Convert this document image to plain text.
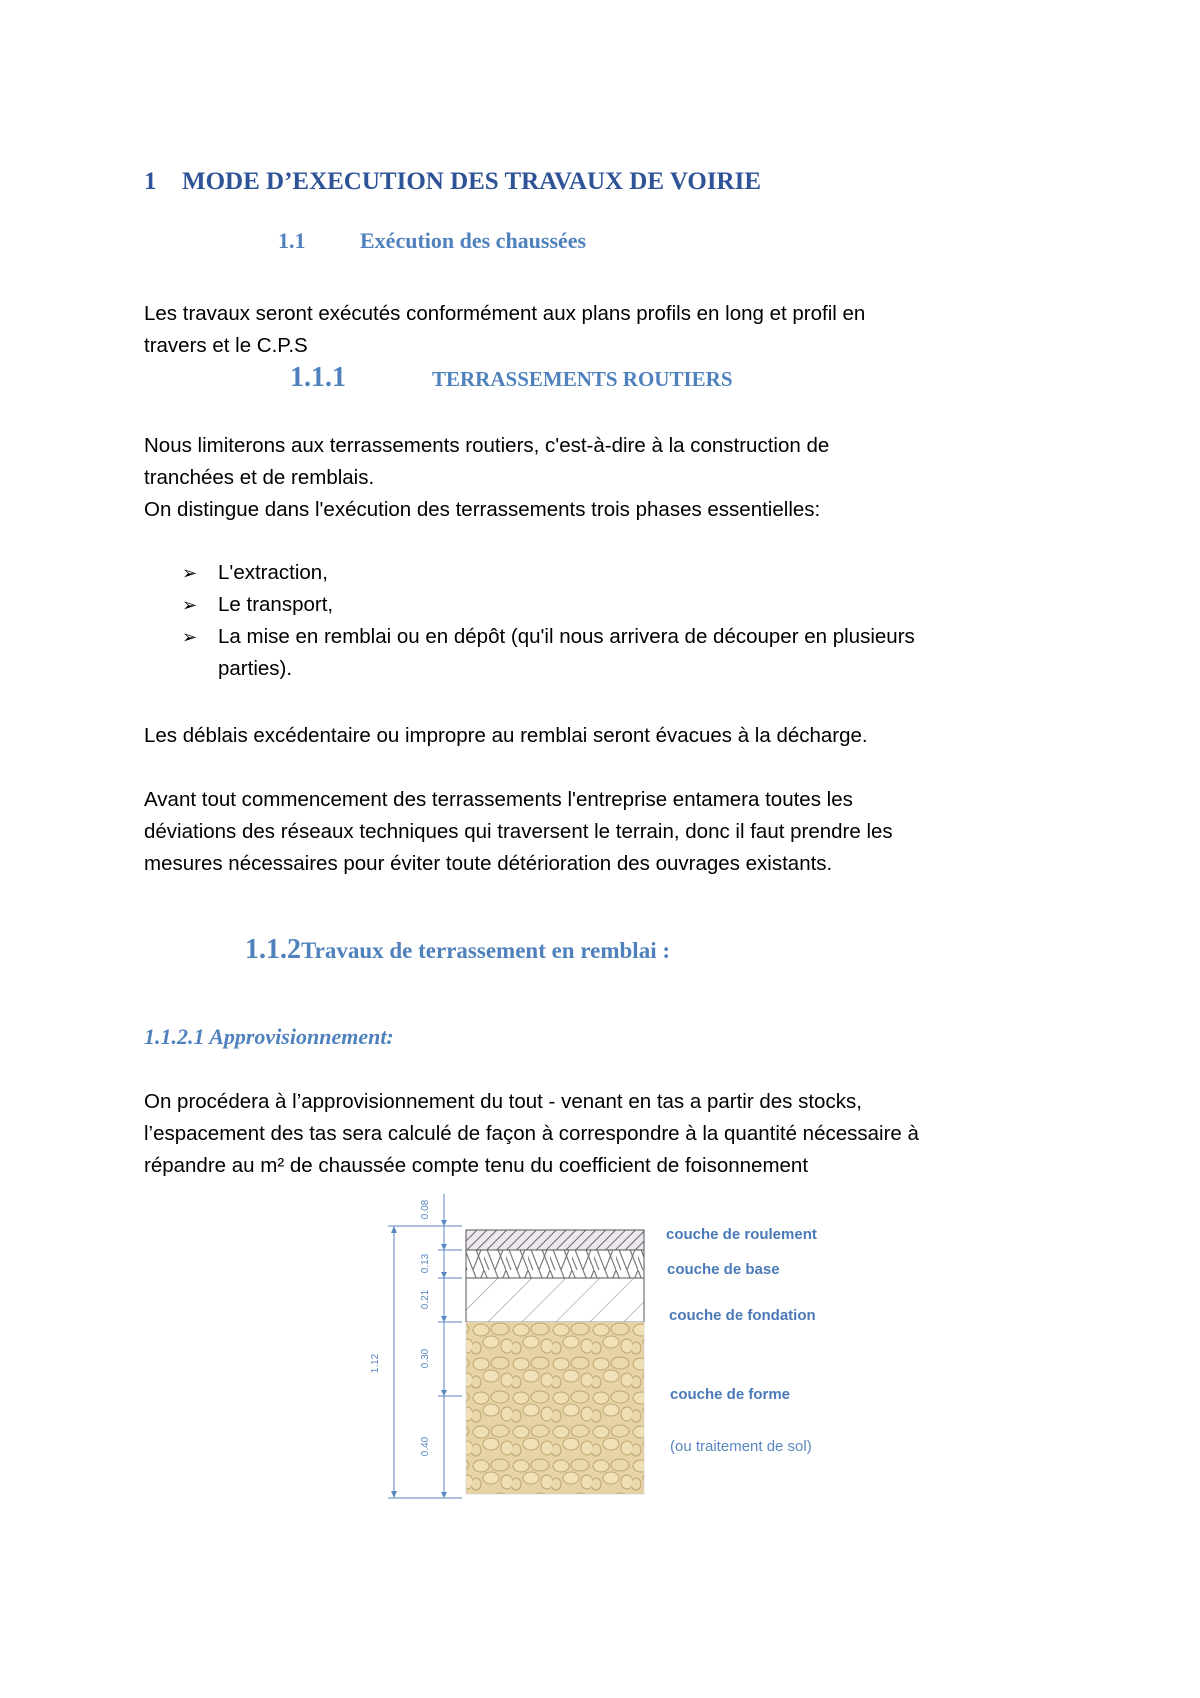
1 MODE D’EXECUTION DES TRAVAUX DE VOIRIE
1.1 Exécution des chaussées
Les travaux seront exécutés conformément aux plans profils en long et profil en
travers et le C.P.S
1.1.1	TERRASSEMENTS ROUTIERS
Nous limiterons aux terrassements routiers, c'est-à-dire à la construction de
tranchées et de remblais.
On distingue dans l'exécution des terrassements trois phases essentielles:
➢ L'extraction,
➢ Le transport,
➢ La mise en remblai ou en dépôt (qu'il nous arrivera de découper en plusieurs
parties).
Les déblais excédentaire ou impropre au remblai seront évacues à la décharge.
Avant tout commencement des terrassements l'entreprise entamera toutes les
déviations des réseaux techniques qui traversent le terrain, donc il faut prendre les
mesures nécessaires pour éviter toute détérioration des ouvrages existants.
1.1.2Travaux de terrassement en remblai :
1.1.2.1 Approvisionnement:
On procédera à l’approvisionnement du tout - venant en tas a partir des stocks,
l’espacement des tas sera calculé de façon à correspondre à la quantité nécessaire à
répandre au m² de chaussée compte tenu du coefficient de foisonnement
1.12
0.08
0.13
0.21
0.30
0.40
couche de roulement
couche de base
couche de fondation
couche de forme
(ou traitement de sol)
